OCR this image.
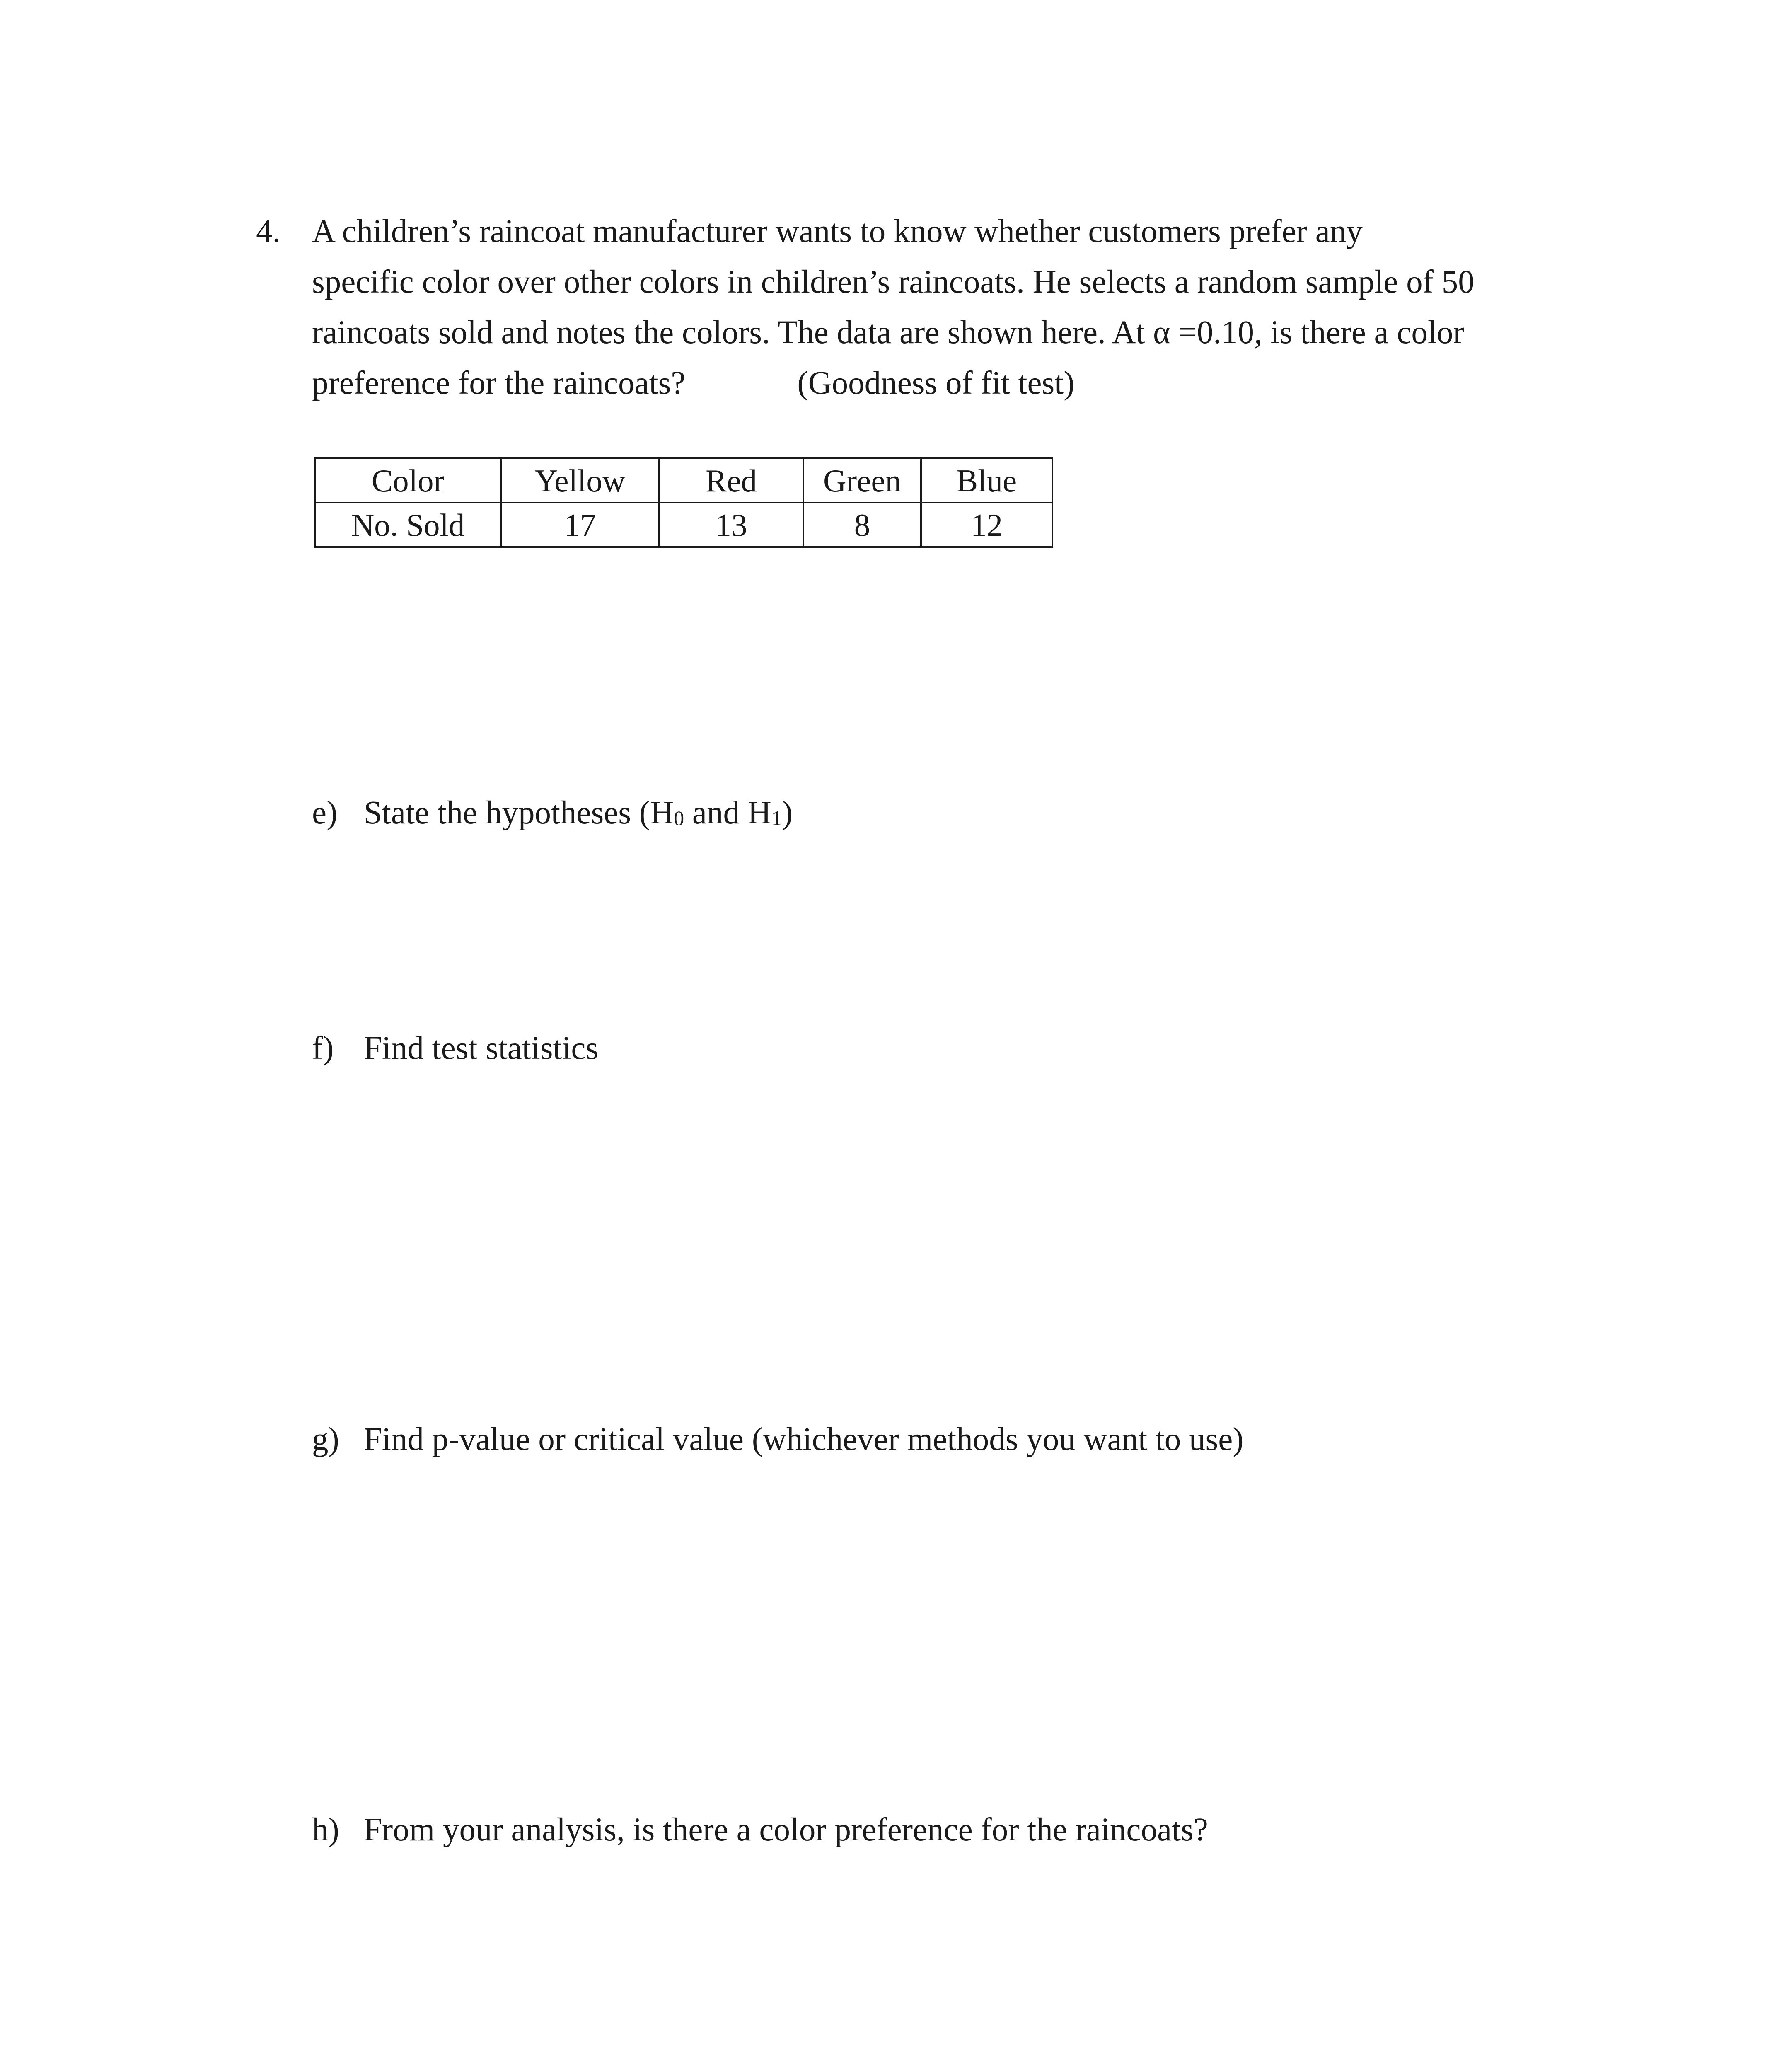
4. A children’s raincoat manufacturer wants to know whether customers prefer any
specific color over other colors in children’s raincoats. He selects a random sample of 50
raincoats sold and notes the colors. The data are shown here. At α =0.10, is there a color
preference for the raincoats?	(Goodness of fit test)
Color	Yellow	Red	Green	Blue
No. Sold	17	13	8	12
e) State the hypotheses (H0 and H1)
f) Find test statistics
g) Find p-value or critical value (whichever methods you want to use)
h) From your analysis, is there a color preference for the raincoats?
